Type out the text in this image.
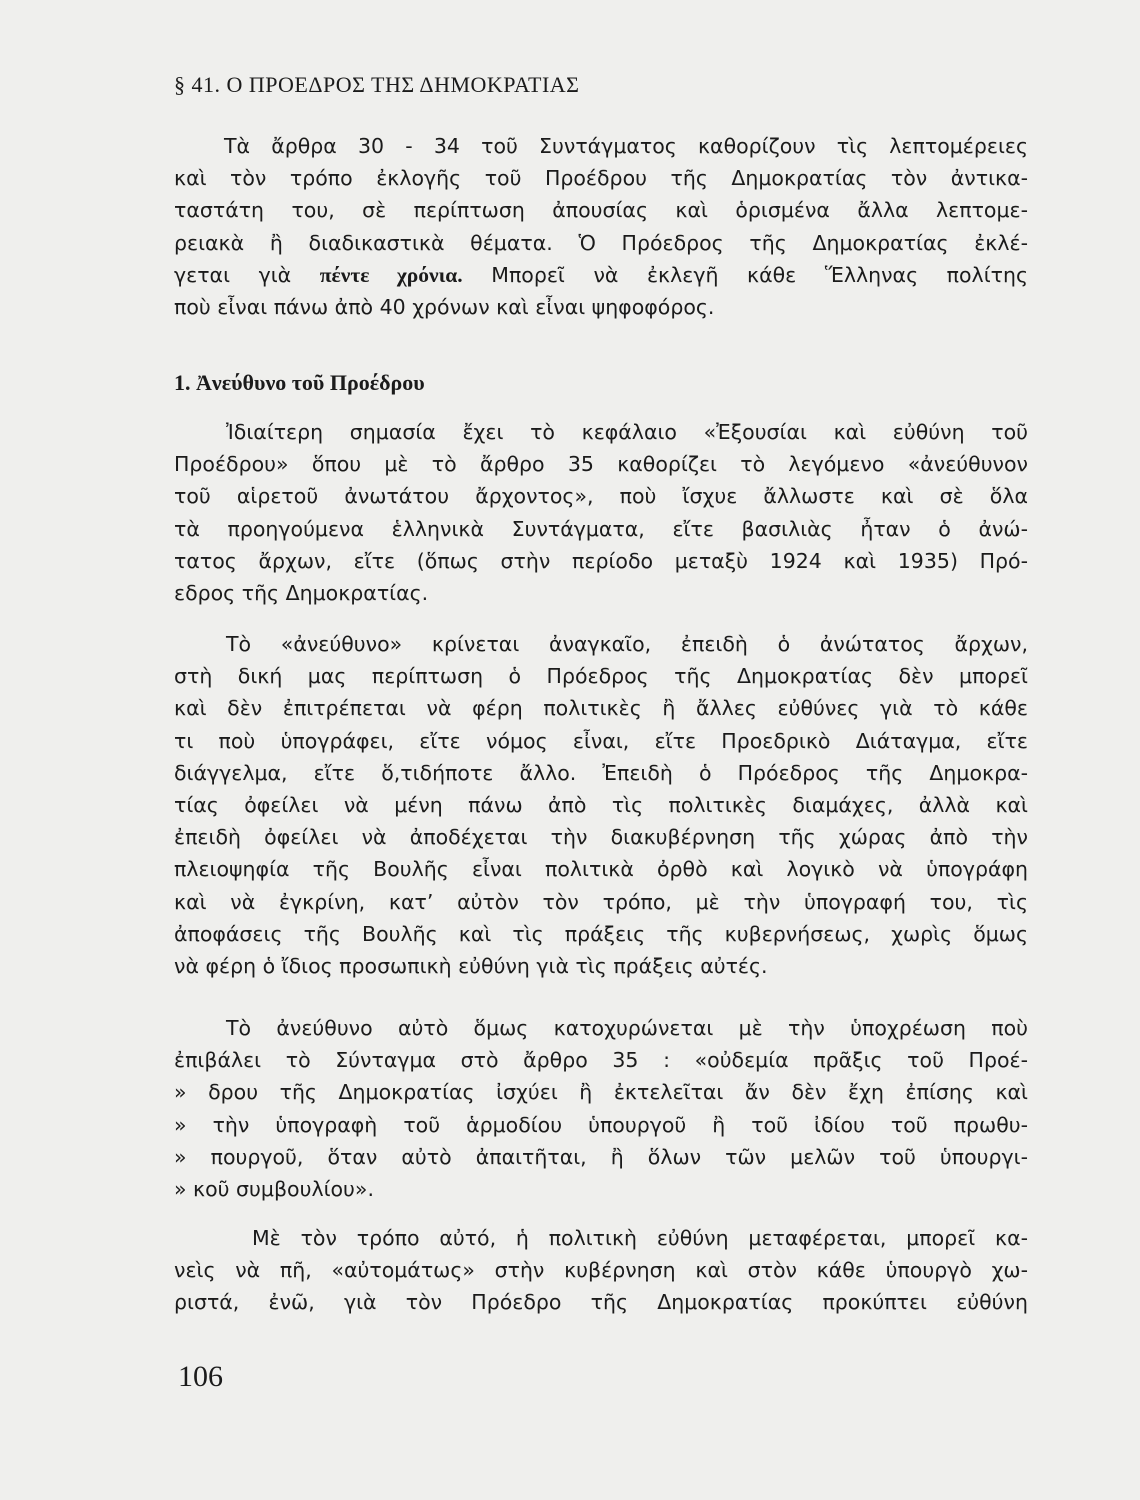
§ 41. Ο ΠΡΟΕΔΡΟΣ ΤΗΣ ΔΗΜΟΚΡΑΤΙΑΣ
Τὰ ἄρθρα 30 - 34 τοῦ Συντάγματος καθορίζουν τὶς λεπτομέρειες
καὶ τὸν τρόπο ἐκλογῆς τοῦ Προέδρου τῆς Δημοκρατίας τὸν ἀντικα-
ταστάτη του, σὲ περίπτωση ἀπουσίας καὶ ὁρισμένα ἄλλα λεπτομε-
ρειακὰ ἢ διαδικαστικὰ θέματα. Ὁ Πρόεδρος τῆς Δημοκρατίας ἐκλέ-
γεται γιὰ πέντε χρόνια. Μπορεῖ νὰ ἐκλεγῆ κάθε Ἕλληνας πολίτης
ποὺ εἶναι πάνω ἀπὸ 40 χρόνων καὶ εἶναι ψηφοφόρος.
1. Ἀνεύθυνο τοῦ Προέδρου
Ἰδιαίτερη σημασία ἔχει τὸ κεφάλαιο «Ἐξουσίαι καὶ εὐθύνη τοῦ
Προέδρου» ὅπου μὲ τὸ ἄρθρο 35 καθορίζει τὸ λεγόμενο «ἀνεύθυνον
τοῦ αἱρετοῦ ἀνωτάτου ἄρχοντος», ποὺ ἴσχυε ἄλλωστε καὶ σὲ ὅλα
τὰ προηγούμενα ἑλληνικὰ Συντάγματα, εἴτε βασιλιὰς ἦταν ὁ ἀνώ-
τατος ἄρχων, εἴτε (ὅπως στὴν περίοδο μεταξὺ 1924 καὶ 1935) Πρό-
εδρος τῆς Δημοκρατίας.
Τὸ «ἀνεύθυνο» κρίνεται ἀναγκαῖο, ἐπειδὴ ὁ ἀνώτατος ἄρχων,
στὴ δική μας περίπτωση ὁ Πρόεδρος τῆς Δημοκρατίας δὲν μπορεῖ
καὶ δὲν ἐπιτρέπεται νὰ φέρη πολιτικὲς ἢ ἄλλες εὐθύνες γιὰ τὸ κάθε
τι ποὺ ὑπογράφει, εἴτε νόμος εἶναι, εἴτε Προεδρικὸ Διάταγμα, εἴτε
διάγγελμα, εἴτε ὅ,τιδήποτε ἄλλο. Ἐπειδὴ ὁ Πρόεδρος τῆς Δημοκρα-
τίας ὀφείλει νὰ μένη πάνω ἀπὸ τὶς πολιτικὲς διαμάχες, ἀλλὰ καὶ
ἐπειδὴ ὀφείλει νὰ ἀποδέχεται τὴν διακυβέρνηση τῆς χώρας ἀπὸ τὴν
πλειοψηφία τῆς Βουλῆς εἶναι πολιτικὰ ὀρθὸ καὶ λογικὸ νὰ ὑπογράφη
καὶ νὰ ἐγκρίνη, κατ’ αὐτὸν τὸν τρόπο, μὲ τὴν ὑπογραφή του, τὶς
ἀποφάσεις τῆς Βουλῆς καὶ τὶς πράξεις τῆς κυβερνήσεως, χωρὶς ὅμως
νὰ φέρη ὁ ἴδιος προσωπικὴ εὐθύνη γιὰ τὶς πράξεις αὐτές.
Τὸ ἀνεύθυνο αὐτὸ ὅμως κατοχυρώνεται μὲ τὴν ὑποχρέωση ποὺ
ἐπιβάλει τὸ Σύνταγμα στὸ ἄρθρο 35 : «οὐδεμία πρᾶξις τοῦ Προέ-
» δρου τῆς Δημοκρατίας ἰσχύει ἢ ἐκτελεῖται ἄν δὲν ἔχη ἐπίσης καὶ
» τὴν ὑπογραφὴ τοῦ ἁρμοδίου ὑπουργοῦ ἢ τοῦ ἰδίου τοῦ πρωθυ-
» πουργοῦ, ὅταν αὐτὸ ἀπαιτῆται, ἢ ὅλων τῶν μελῶν τοῦ ὑπουργι-
» κοῦ συμβουλίου».
Μὲ τὸν τρόπο αὐτό, ἡ πολιτικὴ εὐθύνη μεταφέρεται, μπορεῖ κα-
νεὶς νὰ πῆ, «αὐτομάτως» στὴν κυβέρνηση καὶ στὸν κάθε ὑπουργὸ χω-
ριστά, ἐνῶ, γιὰ τὸν Πρόεδρο τῆς Δημοκρατίας προκύπτει εὐθύνη
106
